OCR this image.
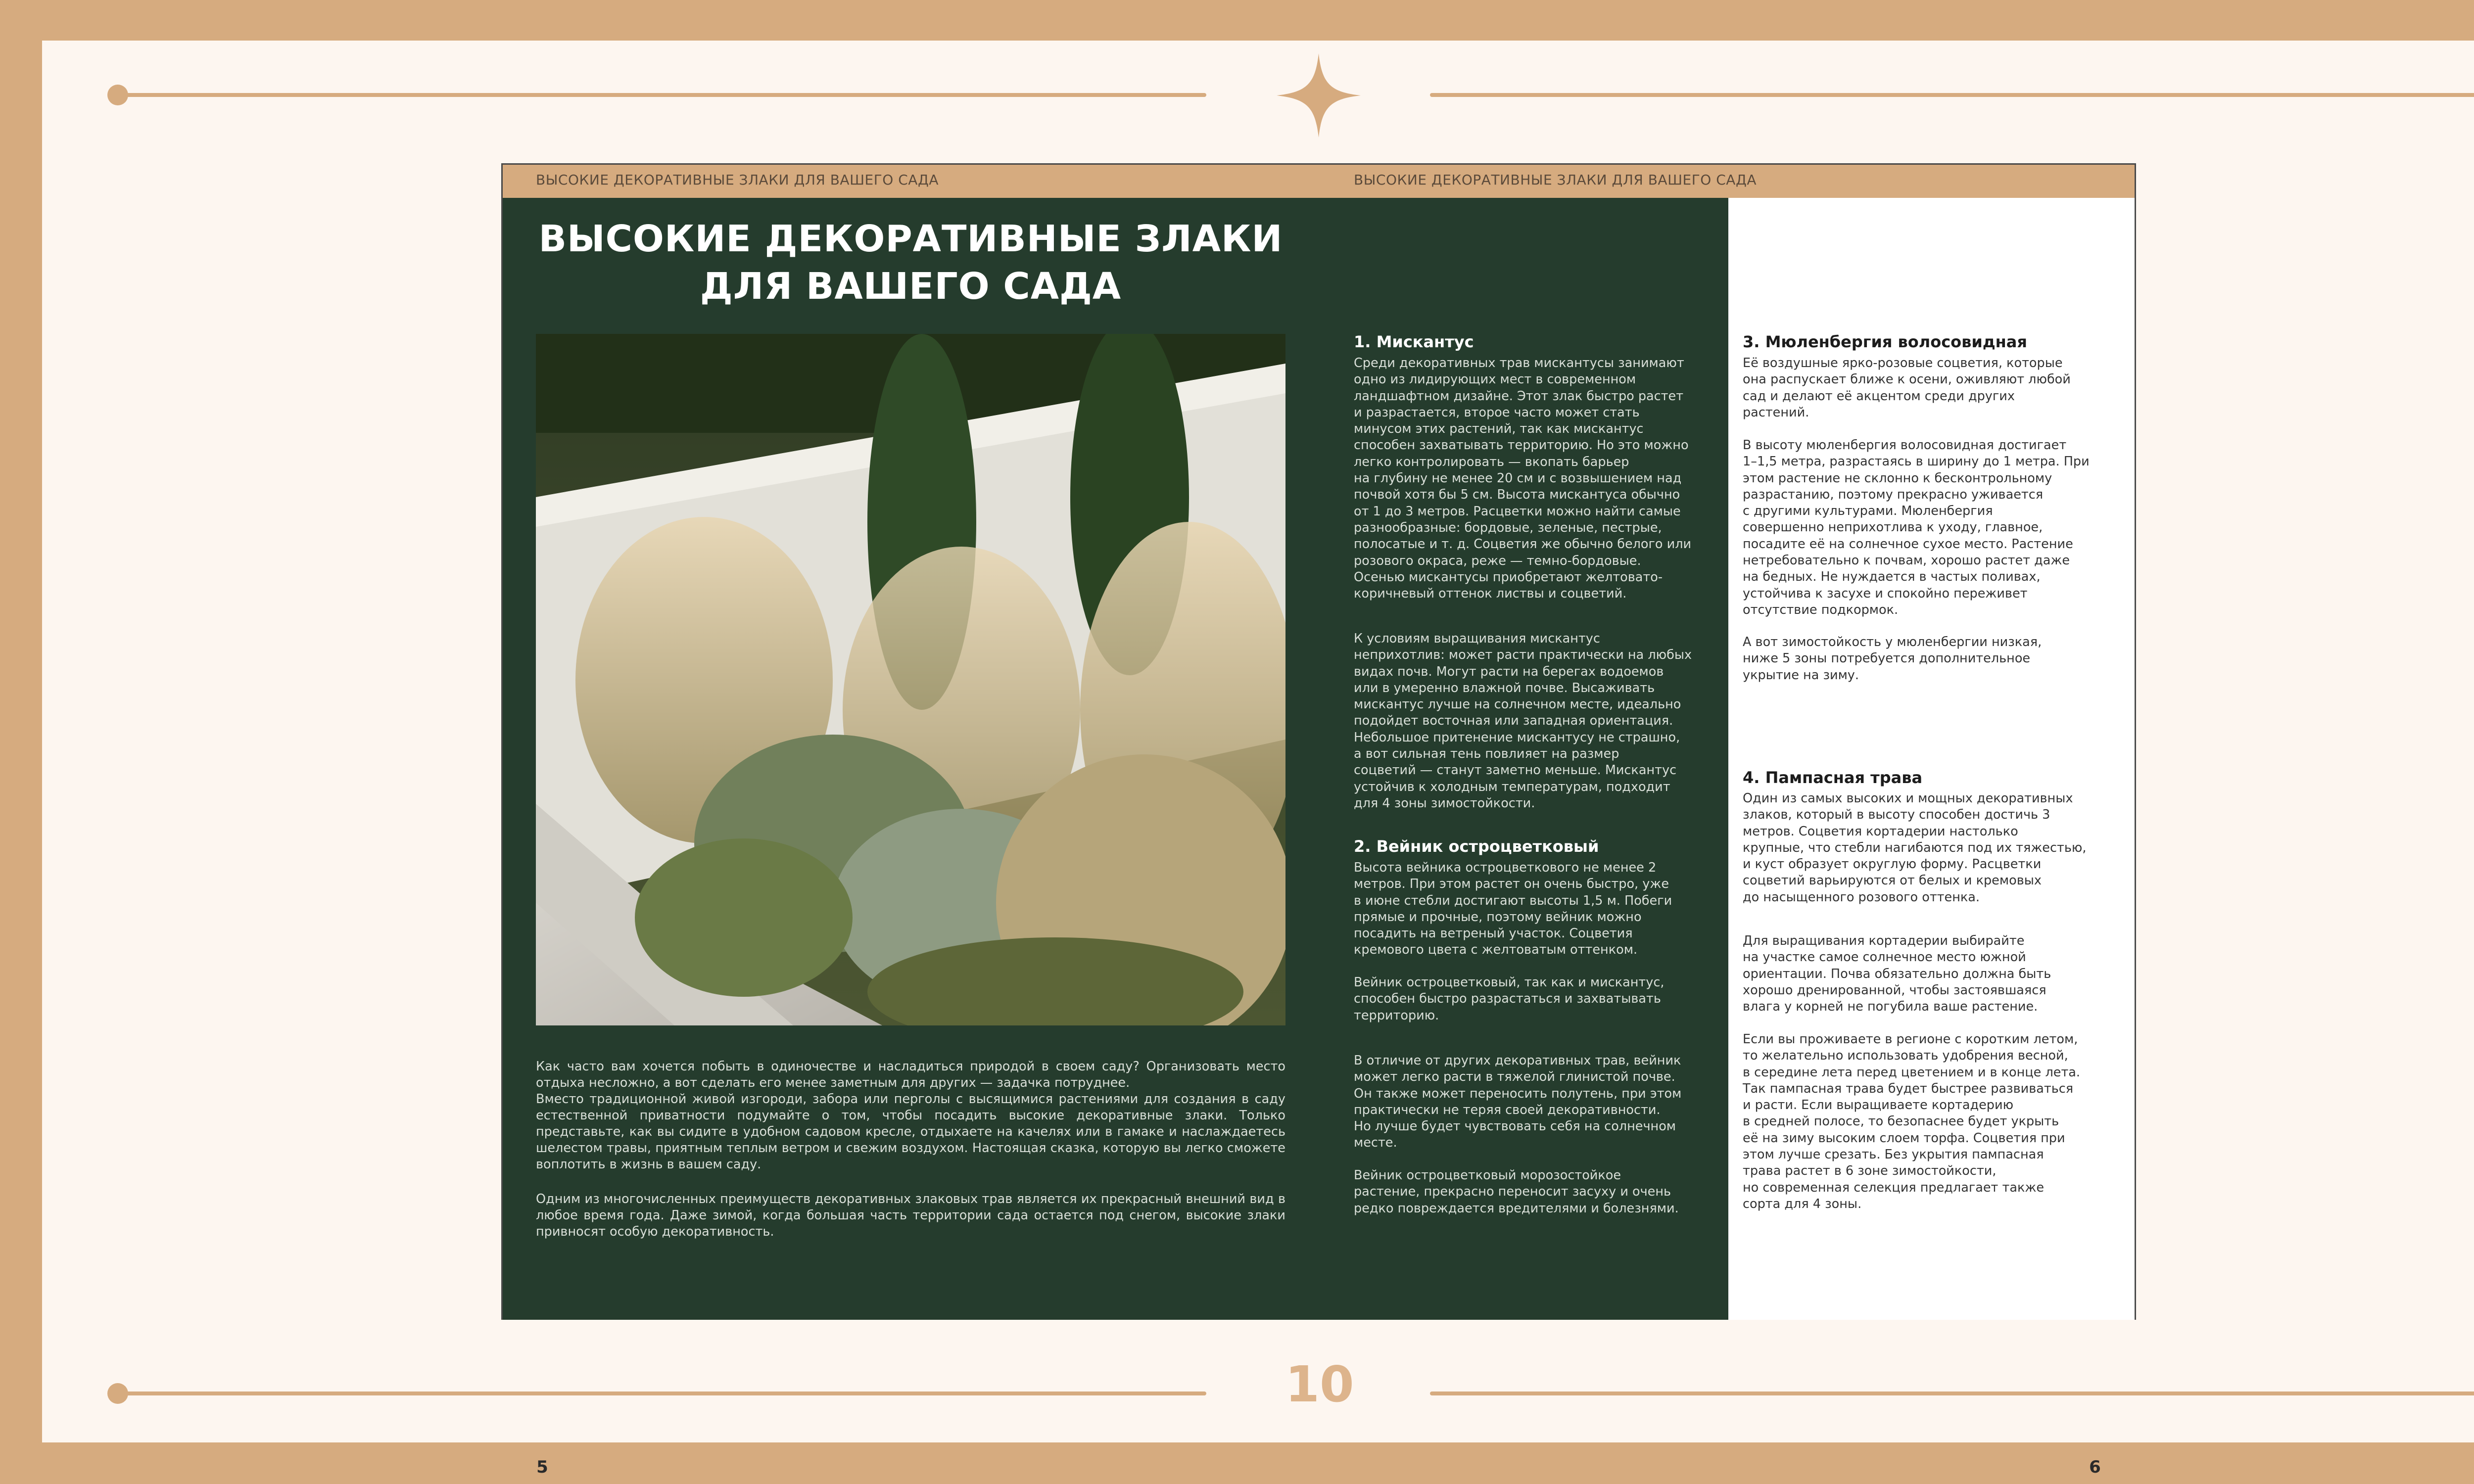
10
ВЫСОКИЕ ДЕКОРАТИВНЫЕ ЗЛАКИ ДЛЯ ВАШЕГО САДА	ВЫСОКИЕ ДЕКОРАТИВНЫЕ ЗЛАКИ ДЛЯ ВАШЕГО САДА
5	6
ВЫСОКИЕ ДЕКОРАТИВНЫЕ ЗЛАКИ
ДЛЯ ВАШЕГО САДА

Как часто вам хочется побыть в одиночестве и насладиться природой в своем саду? Организовать место отдыха несложно, а вот сделать его менее заметным для других — задачка потруднее.
Вместо традиционной живой изгороди, забора или перголы с высящимися растениями для создания в саду естественной приватности подумайте о том, чтобы посадить высокие декоративные злаки. Только представьте, как вы сидите в удобном садовом кресле, отдыхаете на качелях или в гамаке и наслаждаетесь шелестом травы, приятным теплым ветром и свежим воздухом. Настоящая сказка, которую вы легко сможете воплотить в жизнь в вашем саду.

Одним из многочисленных преимуществ декоративных злаковых трав является их прекрасный внешний вид в любое время года. Даже зимой, когда большая часть территории сада остается под снегом, высокие злаки привносят особую декоративность.

1. Мискантус

Среди декоративных трав мискантусы занимают
одно из лидирующих мест в современном
ландшафтном дизайне. Этот злак быстро растет
и разрастается, второе часто может стать
минусом этих растений, так как мискантус
способен захватывать территорию. Но это можно
легко контролировать — вкопать барьер
на глубину не менее 20 см и с возвышением над
почвой хотя бы 5 см. Высота мискантуса обычно
от 1 до 3 метров. Расцветки можно найти самые
разнообразные: бордовые, зеленые, пестрые,
полосатые и т. д. Соцветия же обычно белого или
розового окраса, реже — темно-бордовые.
Осенью мискантусы приобретают желтовато-
коричневый оттенок листвы и соцветий.

К условиям выращивания мискантус
неприхотлив: может расти практически на любых
видах почв. Могут расти на берегах водоемов
или в умеренно влажной почве. Высаживать
мискантус лучше на солнечном месте, идеально
подойдет восточная или западная ориентация.
Небольшое притенение мискантусу не страшно,
а вот сильная тень повлияет на размер
соцветий — станут заметно меньше. Мискантус
устойчив к холодным температурам, подходит
для 4 зоны зимостойкости.

2. Вейник остроцветковый

Высота вейника остроцветкового не менее 2
метров. При этом растет он очень быстро, уже
в июне стебли достигают высоты 1,5 м. Побеги
прямые и прочные, поэтому вейник можно
посадить на ветреный участок. Соцветия
кремового цвета с желтоватым оттенком.

Вейник остроцветковый, так как и мискантус,
способен быстро разрастаться и захватывать
территорию.

В отличие от других декоративных трав, вейник
может легко расти в тяжелой глинистой почве.
Он также может переносить полутень, при этом
практически не теряя своей декоративности.
Но лучше будет чувствовать себя на солнечном
месте.

Вейник остроцветковый морозостойкое
растение, прекрасно переносит засуху и очень
редко повреждается вредителями и болезнями.

3. Мюленбергия волосовидная

Её воздушные ярко-розовые соцветия, которые
она распускает ближе к осени, оживляют любой
сад и делают её акцентом среди других
растений.

В высоту мюленбергия волосовидная достигает
1–1,5 метра, разрастаясь в ширину до 1 метра. При
этом растение не склонно к бесконтрольному
разрастанию, поэтому прекрасно уживается
с другими культурами. Мюленбергия
совершенно неприхотлива к уходу, главное,
посадите её на солнечное сухое место. Растение
нетребовательно к почвам, хорошо растет даже
на бедных. Не нуждается в частых поливах,
устойчива к засухе и спокойно переживет
отсутствие подкормок.

А вот зимостойкость у мюленбергии низкая,
ниже 5 зоны потребуется дополнительное
укрытие на зиму.

4. Пампасная трава

Один из самых высоких и мощных декоративных
злаков, который в высоту способен достичь 3
метров. Соцветия кортадерии настолько
крупные, что стебли нагибаются под их тяжестью,
и куст образует округлую форму. Расцветки
соцветий варьируются от белых и кремовых
до насыщенного розового оттенка.

Для выращивания кортадерии выбирайте
на участке самое солнечное место южной
ориентации. Почва обязательно должна быть
хорошо дренированной, чтобы застоявшаяся
влага у корней не погубила ваше растение.

Если вы проживаете в регионе с коротким летом,
то желательно использовать удобрения весной,
в середине лета перед цветением и в конце лета.
Так пампасная трава будет быстрее развиваться
и расти. Если выращиваете кортадерию
в средней полосе, то безопаснее будет укрыть
её на зиму высоким слоем торфа. Соцветия при
этом лучше срезать. Без укрытия пампасная
трава растет в 6 зоне зимостойкости,
но современная селекция предлагает также
сорта для 4 зоны.
